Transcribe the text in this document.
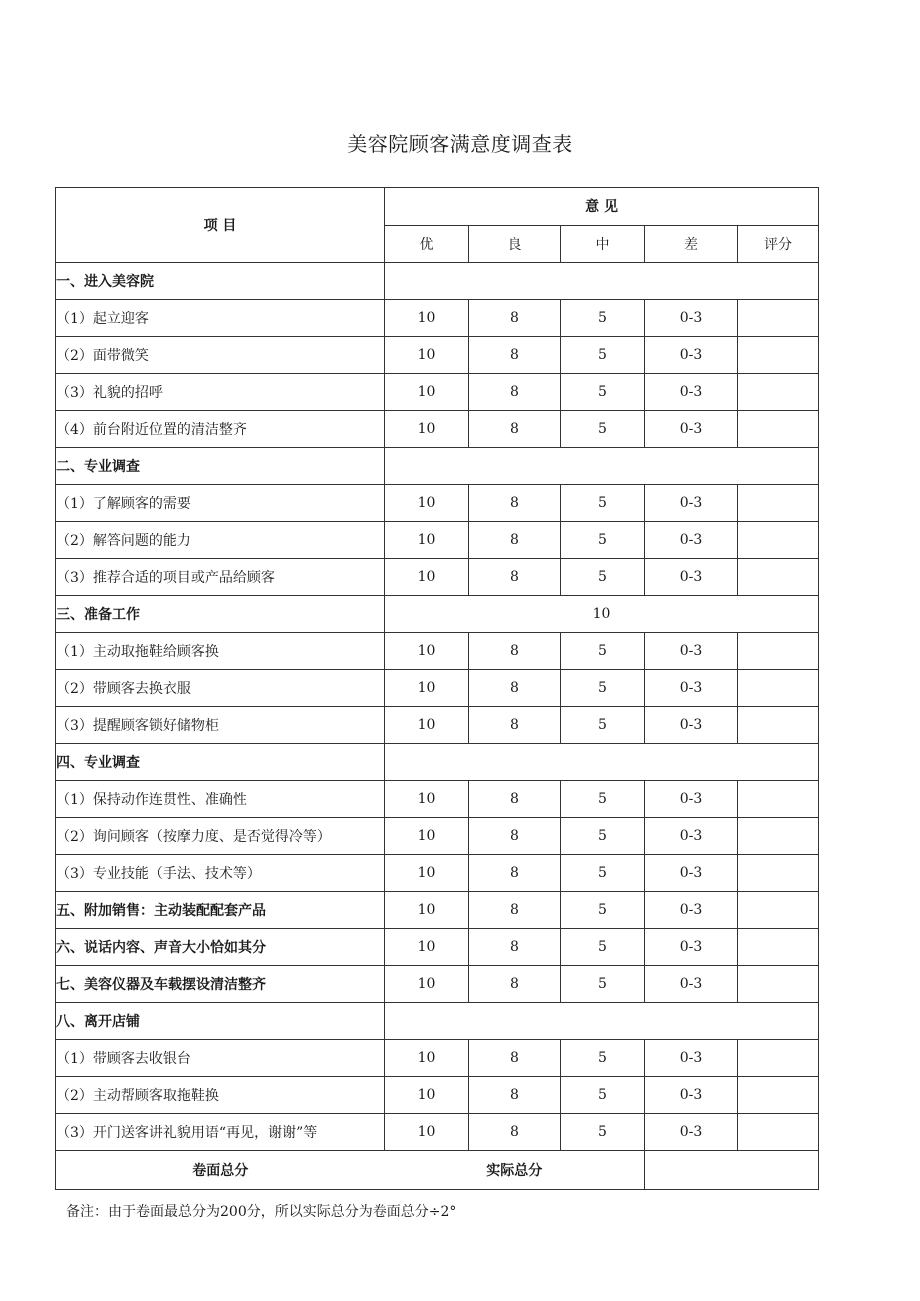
美容院顾客满意度调查表
项 目	意 见				
	优	良	中	差	评分
一、进入美容院					
（1）起立迎客	10	8	5	0-3	
（2）面带微笑	10	8	5	0-3	
（3）礼貌的招呼	10	8	5	0-3	
（4）前台附近位置的清洁整齐	10	8	5	0-3	
二、专业调查					
（1）了解顾客的需要	10	8	5	0-3	
（2）解答问题的能力	10	8	5	0-3	
（3）推荐合适的项目或产品给顾客	10	8	5	0-3	
三、准备工作	10				
（1）主动取拖鞋给顾客换	10	8	5	0-3	
（2）带顾客去换衣服	10	8	5	0-3	
（3）提醒顾客锁好储物柜	10	8	5	0-3	
四、专业调查					
（1）保持动作连贯性、准确性	10	8	5	0-3	
（2）询问顾客（按摩力度、是否觉得冷等）	10	8	5	0-3	
（3）专业技能（手法、技术等）	10	8	5	0-3	
五、附加销售：主动装配配套产品	10	8	5	0-3	
六、说话内容、声音大小恰如其分	10	8	5	0-3	
七、美容仪器及车载摆设清洁整齐	10	8	5	0-3	
八、离开店铺					
（1）带顾客去收银台	10	8	5	0-3	
（2）主动帮顾客取拖鞋换	10	8	5	0-3	
（3）开门送客讲礼貌用语“再见，谢谢”等	10	8	5	0-3	
卷面总分	实际总分				
备注：由于卷面最总分为200分，所以实际总分为卷面总分÷2°
